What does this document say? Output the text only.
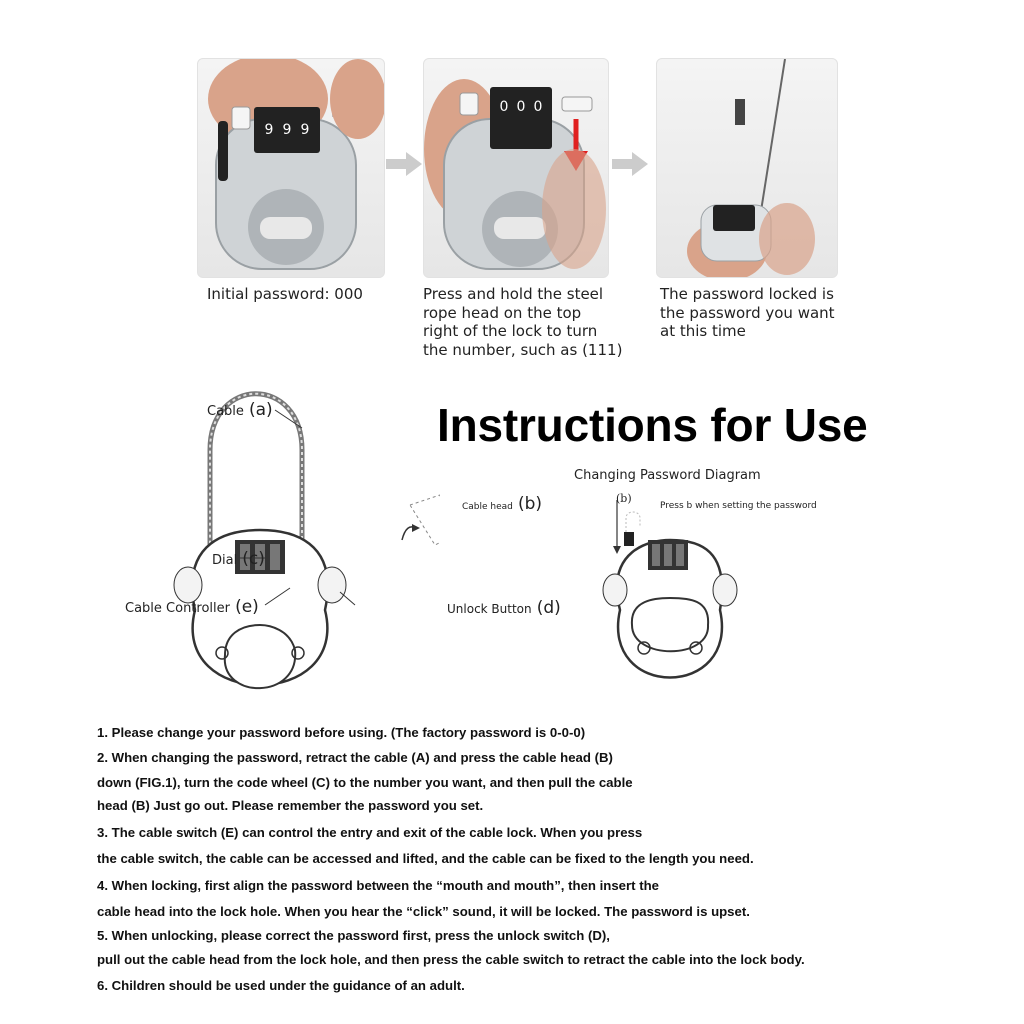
9 9 9
0 0 0
Initial password: 000	Press and hold the steel
rope head on the top
right of the lock to turn
the number, such as (111)
The password locked is
the password you want
at this time
Instructions for Use
Cable (a)
Cable head (b)
Dial (c)
Cable Controller (e)	Unlock Button (d)
Changing Password Diagram
(b)
Press b when setting the password
1. Please change your password before using. (The factory password is 0-0-0)
2. When changing the password, retract the cable (A) and press the cable head (B)
down (FIG.1), turn the code wheel (C) to the number you want, and then pull the cable
head (B) Just go out. Please remember the password you set.
3. The cable switch (E) can control the entry and exit of the cable lock. When you press
the cable switch, the cable can be accessed and lifted, and the cable can be fixed to the length you need.
4. When locking, first align the password between the “mouth and mouth”, then insert the
cable head into the lock hole. When you hear the “click” sound, it will be locked. The password is upset.
5. When unlocking, please correct the password first, press the unlock switch (D),
pull out the cable head from the lock hole, and then press the cable switch to retract the cable into the lock body.
6. Children should be used under the guidance of an adult.
